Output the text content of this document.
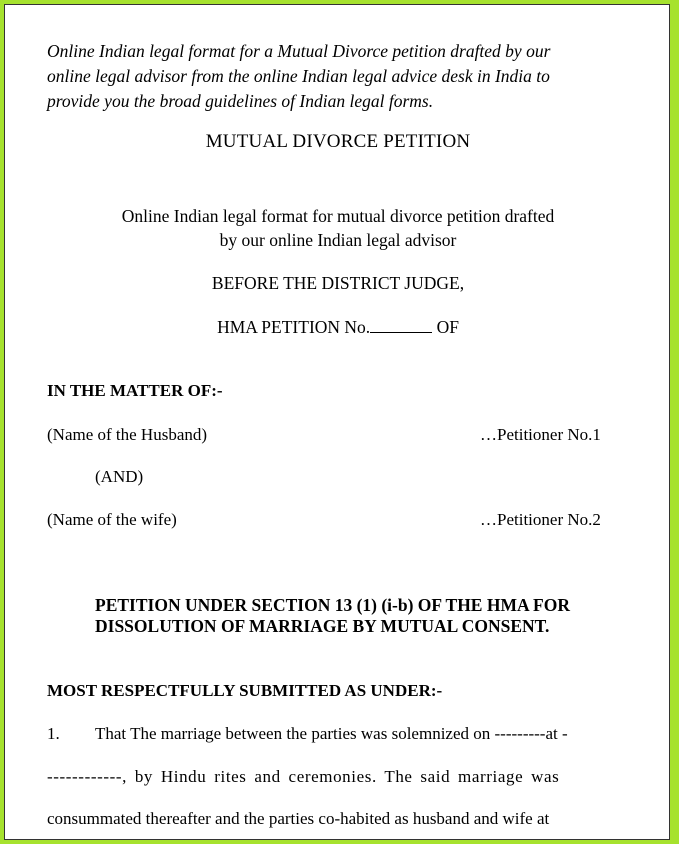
Online Indian legal format for a Mutual Divorce petition drafted by our
online legal advisor from the online Indian legal advice desk in India to
provide you the broad guidelines of Indian legal forms.
MUTUAL DIVORCE PETITION
Online Indian legal format for mutual divorce petition drafted
by our online Indian legal advisor
BEFORE THE DISTRICT JUDGE,
HMA PETITION No.	OF
IN THE MATTER OF:-
(Name of the Husband)	…Petitioner No.1
(AND)
(Name of the wife)	…Petitioner No.2
PETITION UNDER SECTION 13 (1) (i-b) OF THE HMA FOR
DISSOLUTION OF MARRIAGE BY MUTUAL CONSENT.
MOST RESPECTFULLY SUBMITTED AS UNDER:-
1. That The marriage between the parties was solemnized on ---------at -
------------, by Hindu rites and ceremonies. The said marriage was
consummated thereafter and the parties co-habited as husband and wife at
